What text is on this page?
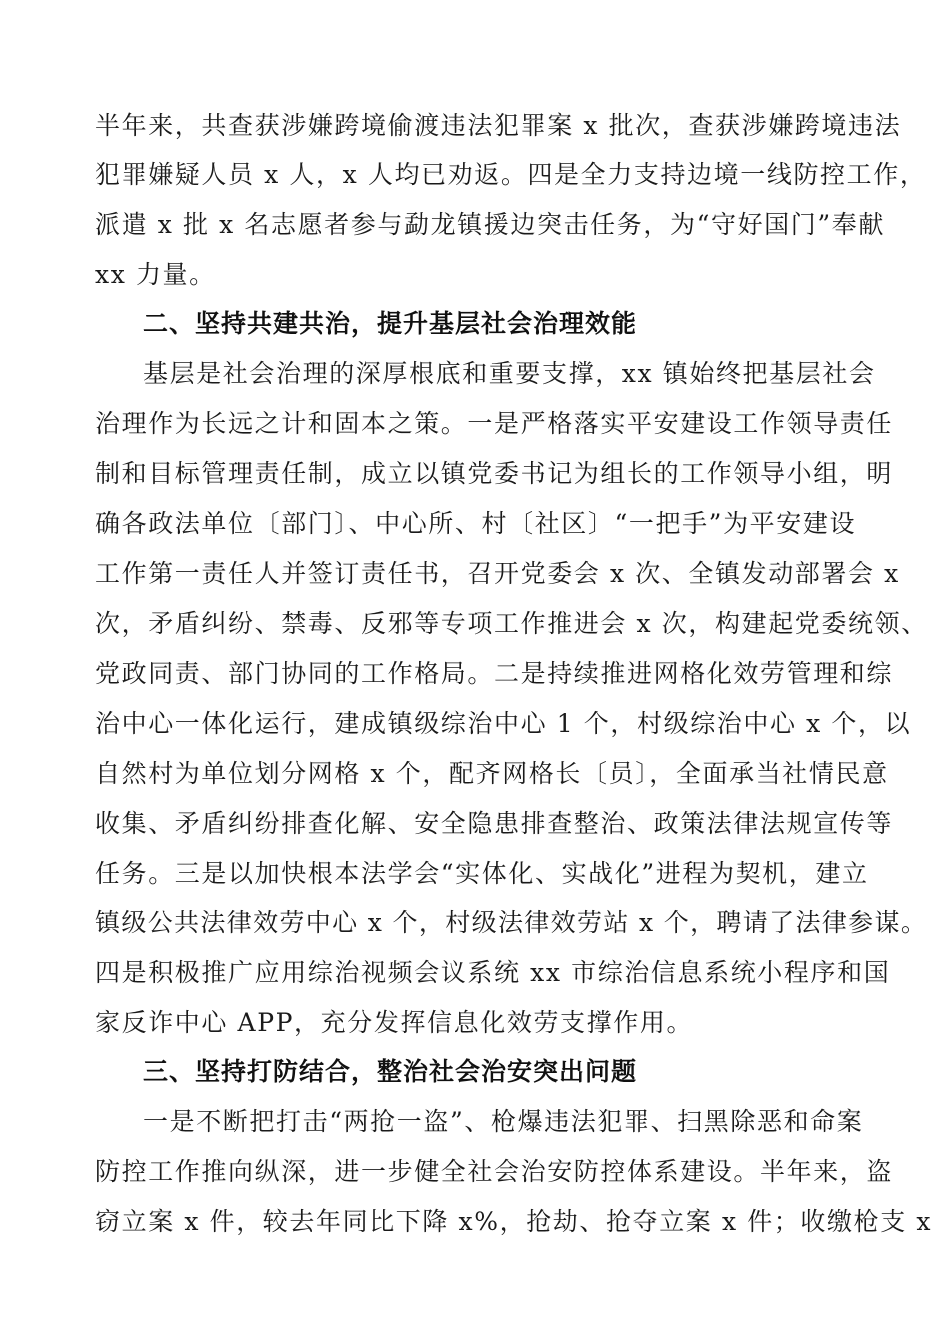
半年来，共查获涉嫌跨境偷渡违法犯罪案 x 批次，查获涉嫌跨境违法
犯罪嫌疑人员 x 人，x 人均已劝返。四是全力支持边境一线防控工作，
派遣 x 批 x 名志愿者参与勐龙镇援边突击任务，为“守好国门”奉献
xx 力量。
二、坚持共建共治，提升基层社会治理效能
基层是社会治理的深厚根底和重要支撑，xx 镇始终把基层社会
治理作为长远之计和固本之策。一是严格落实平安建设工作领导责任
制和目标管理责任制，成立以镇党委书记为组长的工作领导小组，明
确各政法单位〔部门〕、中心所、村〔社区〕“一把手”为平安建设
工作第一责任人并签订责任书，召开党委会 x 次、全镇发动部署会 x
次，矛盾纠纷、禁毒、反邪等专项工作推进会 x 次，构建起党委统领、
党政同责、部门协同的工作格局。二是持续推进网格化效劳管理和综
治中心一体化运行，建成镇级综治中心 1 个，村级综治中心 x 个，以
自然村为单位划分网格 x 个，配齐网格长〔员〕，全面承当社情民意
收集、矛盾纠纷排查化解、安全隐患排查整治、政策法律法规宣传等
任务。三是以加快根本法学会“实体化、实战化”进程为契机，建立
镇级公共法律效劳中心 x 个，村级法律效劳站 x 个，聘请了法律参谋。
四是积极推广应用综治视频会议系统 xx 市综治信息系统小程序和国
家反诈中心 APP，充分发挥信息化效劳支撑作用。
三、坚持打防结合，整治社会治安突出问题
一是不断把打击“两抢一盗”、枪爆违法犯罪、扫黑除恶和命案
防控工作推向纵深，进一步健全社会治安防控体系建设。半年来，盗
窃立案 x 件，较去年同比下降 x%，抢劫、抢夺立案 x 件；收缴枪支 x
